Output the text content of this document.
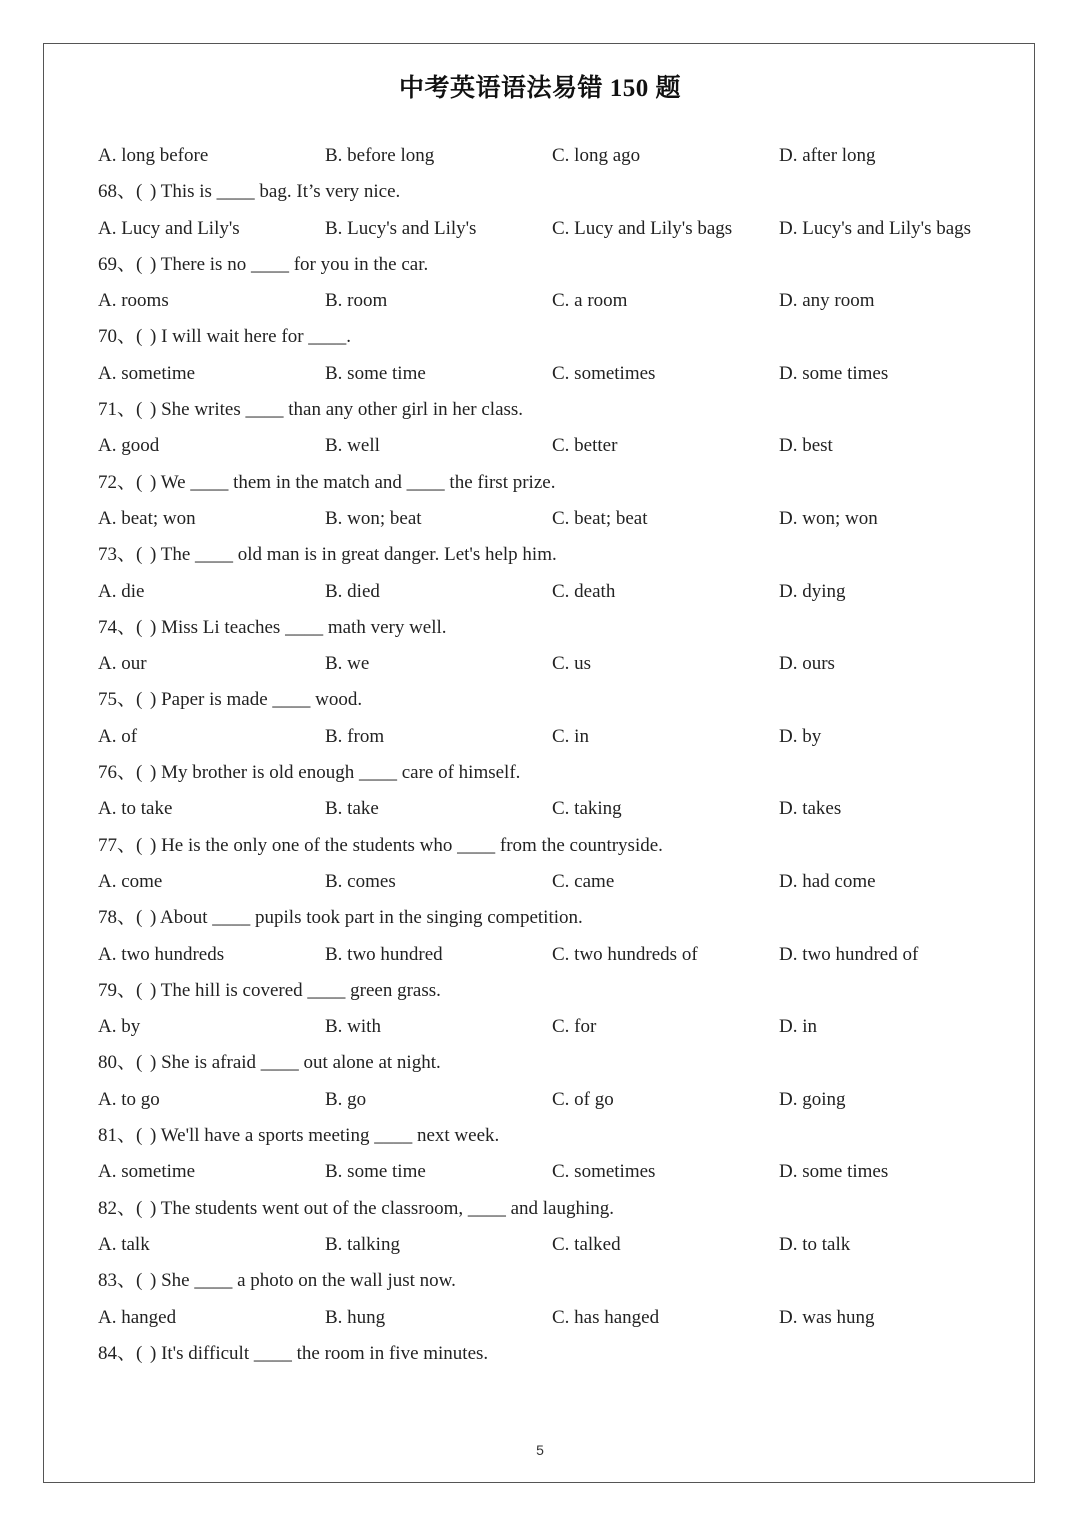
中考英语语法易错 150 题
A. long before	B. before long	C. long ago	D. after long
68、( ) This is ____ bag. It’s very nice.
A. Lucy and Lily's	B. Lucy's and Lily's	C. Lucy and Lily's bags D. Lucy's and Lily's bags
69、( ) There is no ____ for you in the car.
A. rooms	B. room	C. a room	D. any room
70、( ) I will wait here for ____.
A. sometime	B. some time	C. sometimes	D. some times
71、( ) She writes ____ than any other girl in her class.
A. good	B. well	C. better	D. best
72、( ) We ____ them in the match and ____ the first prize.
A. beat; won	B. won; beat	C. beat; beat	D. won; won
73、( ) The ____ old man is in great danger. Let's help him.
A. die	B. died	C. death	D. dying
74、( ) Miss Li teaches ____ math very well.
A. our	B. we	C. us	D. ours
75、( ) Paper is made ____ wood.
A. of	B. from	C. in	D. by
76、( ) My brother is old enough ____ care of himself.
A. to take	B. take	C. taking	D. takes
77、( ) He is the only one of the students who ____ from the countryside.
A. come	B. comes	C. came	D. had come
78、( ) About ____ pupils took part in the singing competition.
A. two hundreds	B. two hundred	C. two hundreds of	D. two hundred of
79、( ) The hill is covered ____ green grass.
A. by	B. with	C. for	D. in
80、( ) She is afraid ____ out alone at night.
A. to go	B. go	C. of go	D. going
81、( ) We'll have a sports meeting ____ next week.
A. sometime	B. some time	C. sometimes	D. some times
82、( ) The students went out of the classroom, ____ and laughing.
A. talk	B. talking	C. talked	D. to talk
83、( ) She ____ a photo on the wall just now.
A. hanged	B. hung	C. has hanged	D. was hung
84、( ) It's difficult ____ the room in five minutes.
5
